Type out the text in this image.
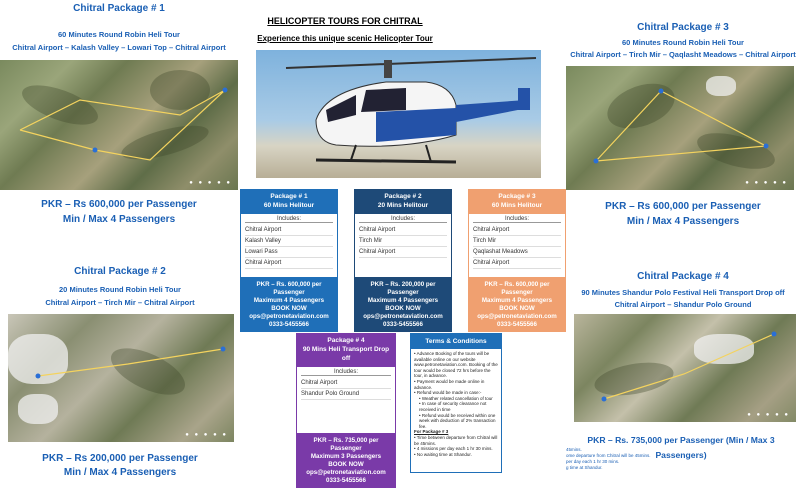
Chitral Package # 1
60 Minutes Round Robin Heli Tour
Chitral Airport – Kalash Valley – Lowari Top – Chitral Airport
● ● ● ● ●
PKR – Rs 600,000 per Passenger
Min / Max 4 Passengers
Chitral Package # 2
20 Minutes Round Robin Heli Tour
Chitral Airport – Tirch Mir – Chitral Airport
● ● ● ● ●
PKR – Rs 200,000 per Passenger
Min / Max 4 Passengers
HELICOPTER TOURS FOR CHITRAL
Experience this unique scenic Helicopter Tour
Package # 1
60 Mins Helitour
Includes:
Chitral Airport
Kalash Valley
Lowari Pass
Chitral Airport
PKR – Rs. 600,000 per
Passenger
Maximum 4 Passengers
BOOK NOW
ops@petronetaviation.com
0333-5455566
Package # 2
20 Mins Helitour
Includes:
Chitral Airport
Tirch Mir
Chitral Airport
PKR – Rs. 200,000 per
Passenger
Maximum 4 Passengers
BOOK NOW
ops@petronetaviation.com
0333-5455566
Package # 3
60 Mins Helitour
Includes:
Chitral Airport
Tirch Mir
Qaqlashat Meadows
Chitral Airport
PKR – Rs. 600,000 per
Passenger
Maximum 4 Passengers
BOOK NOW
ops@petronetaviation.com
0333-5455566
Package # 4
90 Mins Heli Transport Drop off
Includes:
Chitral Airport
Shandur Polo Ground
PKR – Rs. 735,000 per
Passenger
Maximum 3 Passengers
BOOK NOW
ops@petronetaviation.com
0333-5455566
Terms & Conditions
• Advance Booking of the tours will be available online on our website www.petronetaviation.com. Booking of the tour would be closed 72 hrs before the tour, in advance.
• Payment would be made online in advance.
• Refund would be made in case:-
• Weather related cancellation of tour
• In case of security clearance not received in time
• Refund would be received within one week with deduction of 2% transaction fee.
For Package # 3
• Time between departure from Chitral will be 45mins.
• 4 missions per day each 1 hr 30 mins.
• No waiting time at Shandur.
Chitral Package # 3
60 Minutes Round Robin Heli Tour
Chitral Airport – Tirch Mir – Qaqlasht Meadows – Chitral Airport
● ● ● ● ●
PKR – Rs 600,000 per Passenger
Min / Max 4 Passengers
Chitral Package # 4
90 Minutes Shandur Polo Festival Heli Transport Drop off
Chitral Airport – Shandur Polo Ground
● ● ● ● ●
PKR – Rs. 735,000 per Passenger (Min / Max 3 Passengers)
45mins.
ome departure from Chitral will be 45mins.
per day each 1 hr 30 mins.
g time at Shandur.
